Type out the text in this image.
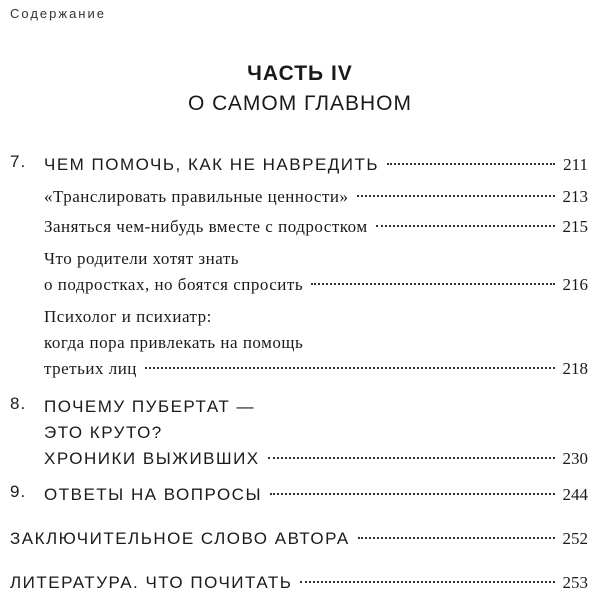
Содержание
ЧАСТЬ IV
О САМОМ ГЛАВНОМ
7. ЧЕМ ПОМОЧЬ, КАК НЕ НАВРЕДИТЬ	211
«Транслировать правильные ценности»	213
Заняться чем-нибудь вместе с подростком	215
Что родители хотят знать
о подростках, но боятся спросить	216
Психолог и психиатр:
когда пора привлекать на помощь
третьих лиц	218
8. ПОЧЕМУ ПУБЕРТАТ —
ЭТО КРУТО?
ХРОНИКИ ВЫЖИВШИХ	230
9. ОТВЕТЫ НА ВОПРОСЫ	244
ЗАКЛЮЧИТЕЛЬНОЕ СЛОВО АВТОРА	252
ЛИТЕРАТУРА. ЧТО ПОЧИТАТЬ	253
